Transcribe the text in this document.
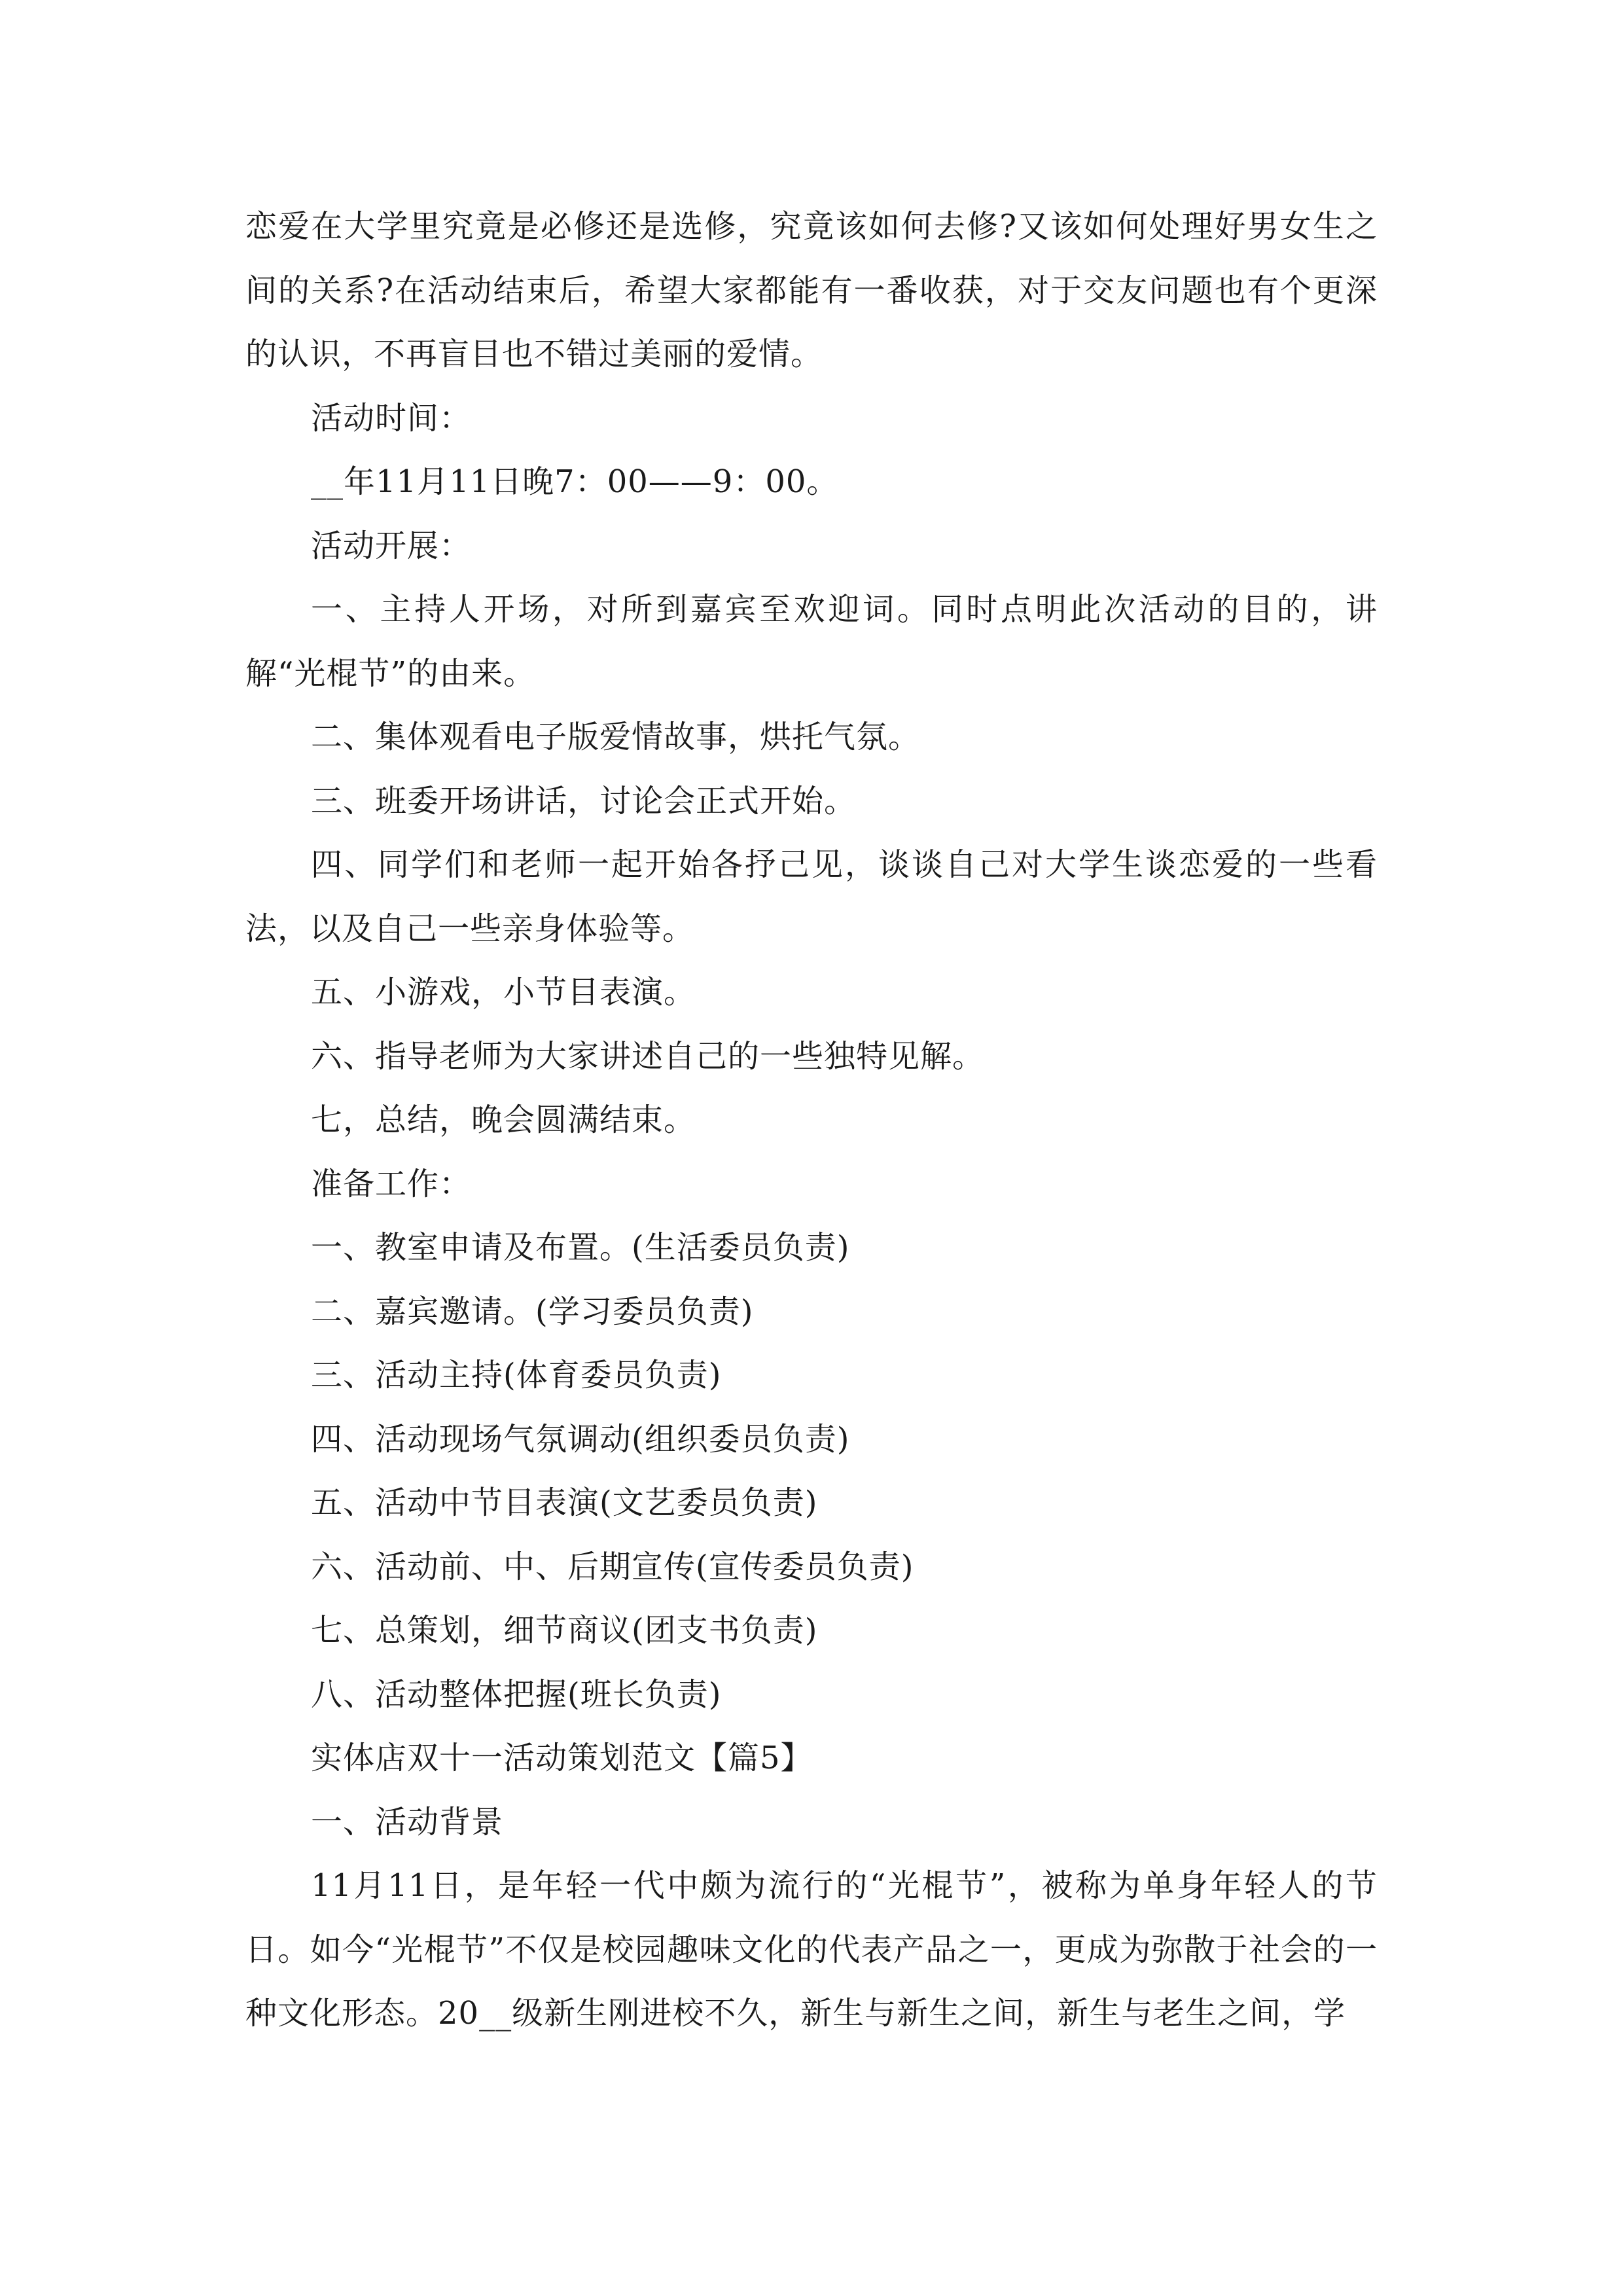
恋爱在大学里究竟是必修还是选修，究竟该如何去修?又该如何处理好男女生之间的关系?在活动结束后，希望大家都能有一番收获，对于交友问题也有个更深的认识，不再盲目也不错过美丽的爱情。

活动时间：

__年11月11日晚7：00——9：00。

活动开展：

一、主持人开场，对所到嘉宾至欢迎词。同时点明此次活动的目的，讲解“光棍节”的由来。

二、集体观看电子版爱情故事，烘托气氛。

三、班委开场讲话，讨论会正式开始。

四、同学们和老师一起开始各抒己见，谈谈自己对大学生谈恋爱的一些看法，以及自己一些亲身体验等。

五、小游戏，小节目表演。

六、指导老师为大家讲述自己的一些独特见解。

七，总结，晚会圆满结束。

准备工作：

一、教室申请及布置。(生活委员负责)

二、嘉宾邀请。(学习委员负责)

三、活动主持(体育委员负责)

四、活动现场气氛调动(组织委员负责)

五、活动中节目表演(文艺委员负责)

六、活动前、中、后期宣传(宣传委员负责)

七、总策划，细节商议(团支书负责)

八、活动整体把握(班长负责)

实体店双十一活动策划范文【篇5】

一、活动背景

11月11日，是年轻一代中颇为流行的“光棍节”，被称为单身年轻人的节日。如今“光棍节”不仅是校园趣味文化的代表产品之一，更成为弥散于社会的一种文化形态。20__级新生刚进校不久，新生与新生之间，新生与老生之间，学
